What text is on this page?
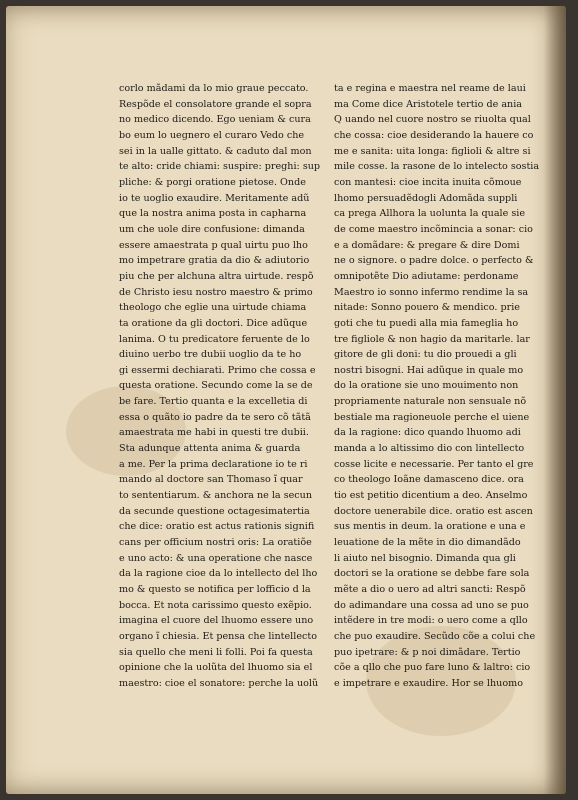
corlo mãdami da lo mio graue peccato.
Respõde el consolatore grande el sopra
no medico dicendo. Ego ueniam & cura
bo eum lo uegnero el curaro Vedo che
sei in la ualle gittato. & caduto dal mon
te alto: cride chiami: suspire: preghi: sup
pliche: & porgi oratione pietose. Onde
io te uoglio exaudire. Meritamente adũ
que la nostra anima posta in capharna
um che uole dire confusione: dimanda
essere amaestrata p qual uirtu puo lho
mo impetrare gratia da dio & adiutorio
piu che per alchuna altra uirtude. respõ
de Christo iesu nostro maestro & primo
theologo che eglie una uirtude chiama
ta oratione da gli doctori. Dice adũque
lanima. O tu predicatore feruente de lo
diuino uerbo tre dubii uoglio da te ho
gi essermi dechiarati. Primo che cossa e
questa oratione. Secundo come la se de
be fare. Tertio quanta e la excelletia di
essa o quãto io padre da te sero cõ tãtã
amaestrata me habi in questi tre dubii.
Sta adunque attenta anima & guarda
a me. Per la prima declaratione io te ri
mando al doctore san Thomaso ĩ quar
to sententiarum. & anchora ne la secun
da secunde questione octagesimatertia
che dice: oratio est actus rationis signifi
cans per officium nostri oris: La oratiõe
e uno acto: & una operatione che nasce
da la ragione cioe da lo intellecto del lho
mo & questo se notifica per lofficio d la
bocca. Et nota carissimo questo exẽpio.
imagina el cuore del lhuomo essere uno
organo ĩ chiesia. Et pensa che lintellecto
sia quello che meni li folli. Poi fa questa
opinione che la uolũta del lhuomo sia el
maestro: cioe el sonatore: perche la uolũ
ta e regina e maestra nel reame de laui
ma Come dice Aristotele tertio de ania
Q uando nel cuore nostro se riuolta qual
che cossa: cioe desiderando la hauere co
me e sanita: uita longa: figlioli & altre si
mile cosse. la rasone de lo intelecto sostia
con mantesi: cioe incita inuita cõmoue
lhomo persuadẽdogli Adomãda suppli
ca prega Allhora la uolunta la quale sie
de come maestro incõmincia a sonar: cio
e a domãdare: & pregare & dire Domi
ne o signore. o padre dolce. o perfecto &
omnipotẽte Dio adiutame: perdoname
Maestro io sonno infermo rendime la sa
nitade: Sonno pouero & mendico. prie
goti che tu puedi alla mia fameglia ho
tre figliole & non hagio da maritarle. lar
gitore de gli doni: tu dio prouedi a gli
nostri bisogni. Hai adũque in quale mo
do la oratione sie uno mouimento non
propriamente naturale non sensuale nõ
bestiale ma ragioneuole perche el uiene
da la ragione: dico quando lhuomo adi
manda a lo altissimo dio con lintellecto
cosse licite e necessarie. Per tanto el gre
co theologo Ioãne damasceno dice. ora
tio est petitio dicentium a deo. Anselmo
doctore uenerabile dice. oratio est ascen
sus mentis in deum. la oratione e una e
leuatione de la mẽte in dio dimandãdo
li aiuto nel bisognio. Dimanda qua gli
doctori se la oratione se debbe fare sola
mẽte a dio o uero ad altri sancti: Respõ
do adimandare una cossa ad uno se puo
intẽdere in tre modi: o uero come a qllo
che puo exaudire. Secũdo cõe a colui che
puo ipetrare: & p noi dimãdare. Tertio
cõe a qllo che puo fare luno & laltro: cio
e impetrare e exaudire. Hor se lhuomo
